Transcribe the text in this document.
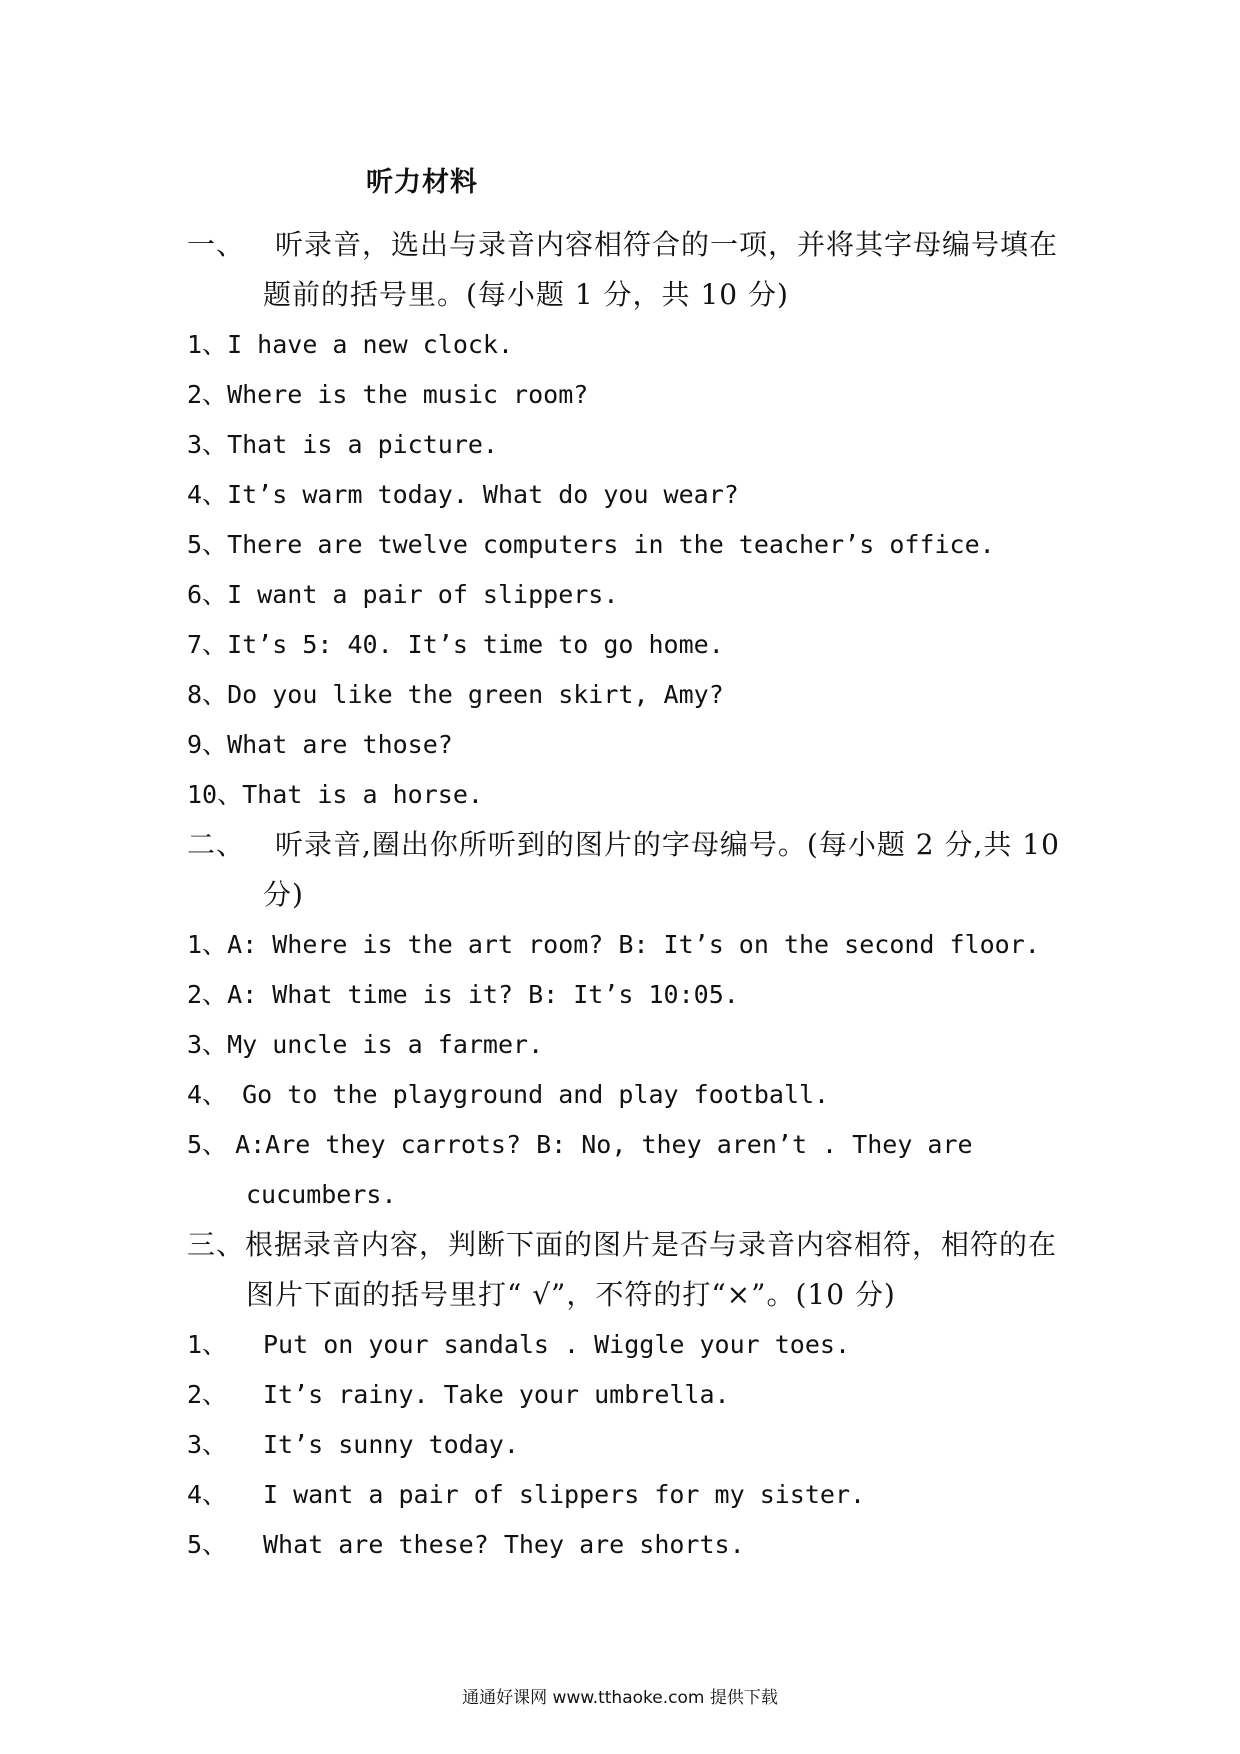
听力材料
一、 听录音，选出与录音内容相符合的一项，并将其字母编号填在
题前的括号里。(每小题 1 分，共 10 分)
1、I have a new clock.
2、Where is the music room?
3、That is a picture.
4、It’s warm today. What do you wear?
5、There are twelve computers in the teacher’s office.
6、I want a pair of slippers.
7、It’s 5: 40. It’s time to go home.
8、Do you like the green skirt, Amy?
9、What are those?
10、That is a horse.
二、 听录音,圈出你所听到的图片的字母编号。(每小题 2 分,共 10
分)
1、A: Where is the art room? B: It’s on the second floor.
2、A: What time is it? B: It’s 10:05.
3、My uncle is a farmer.
4、 Go to the playground and play football.
5、 A:Are they carrots? B: No, they aren’t . They are
cucumbers.
三、根据录音内容，判断下面的图片是否与录音内容相符，相符的在
图片下面的括号里打“ √”，不符的打“×”。(10 分)
1、 Put on your sandals . Wiggle your toes.
2、 It’s rainy. Take your umbrella.
3、 It’s sunny today.
4、 I want a pair of slippers for my sister.
5、 What are these? They are shorts.
通通好课网 www.tthaoke.com 提供下载
